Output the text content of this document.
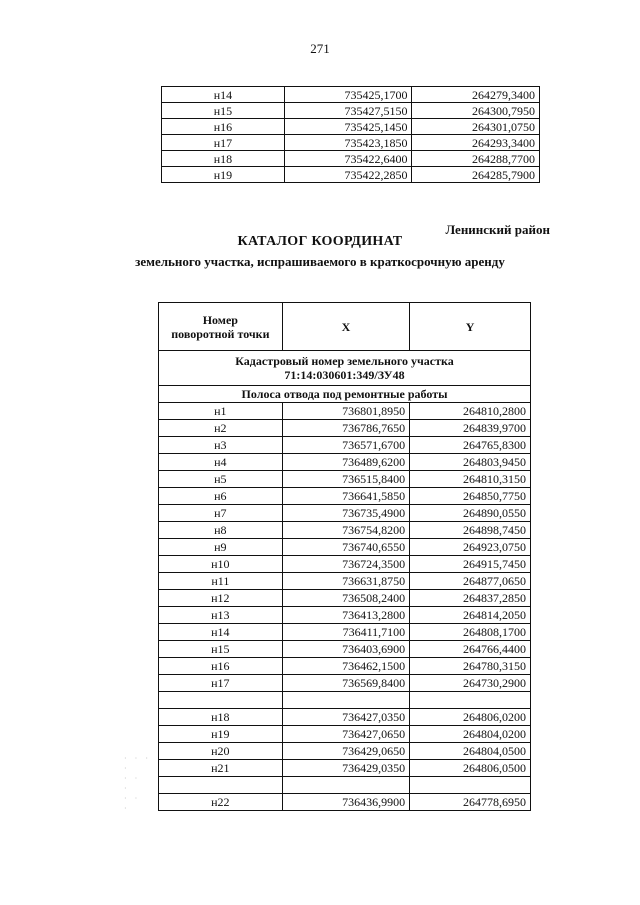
271
н14	735425,1700	264279,3400
н15	735427,5150	264300,7950
н16	735425,1450	264301,0750
н17	735423,1850	264293,3400
н18	735422,6400	264288,7700
н19	735422,2850	264285,7900
Ленинский район
КАТАЛОГ КООРДИНАТ
земельного участка, испрашиваемого в краткосрочную аренду
Номер
поворотной точки	X	Y
Кадастровый номер земельного участка
71:14:030601:349/ЗУ48		
Полоса отвода под ремонтные работы		
н1	736801,8950	264810,2800
н2	736786,7650	264839,9700
н3	736571,6700	264765,8300
н4	736489,6200	264803,9450
н5	736515,8400	264810,3150
н6	736641,5850	264850,7750
н7	736735,4900	264890,0550
н8	736754,8200	264898,7450
н9	736740,6550	264923,0750
н10	736724,3500	264915,7450
н11	736631,8750	264877,0650
н12	736508,2400	264837,2850
н13	736413,2800	264814,2050
н14	736411,7100	264808,1700
н15	736403,6900	264766,4400
н16	736462,1500	264780,3150
н17	736569,8400	264730,2900

н18	736427,0350	264806,0200
н19	736427,0650	264804,0200
н20	736429,0650	264804,0500
н21	736429,0350	264806,0500

н22	736436,9900	264778,6950
· · ·
·
· ·
·
· ·
·
